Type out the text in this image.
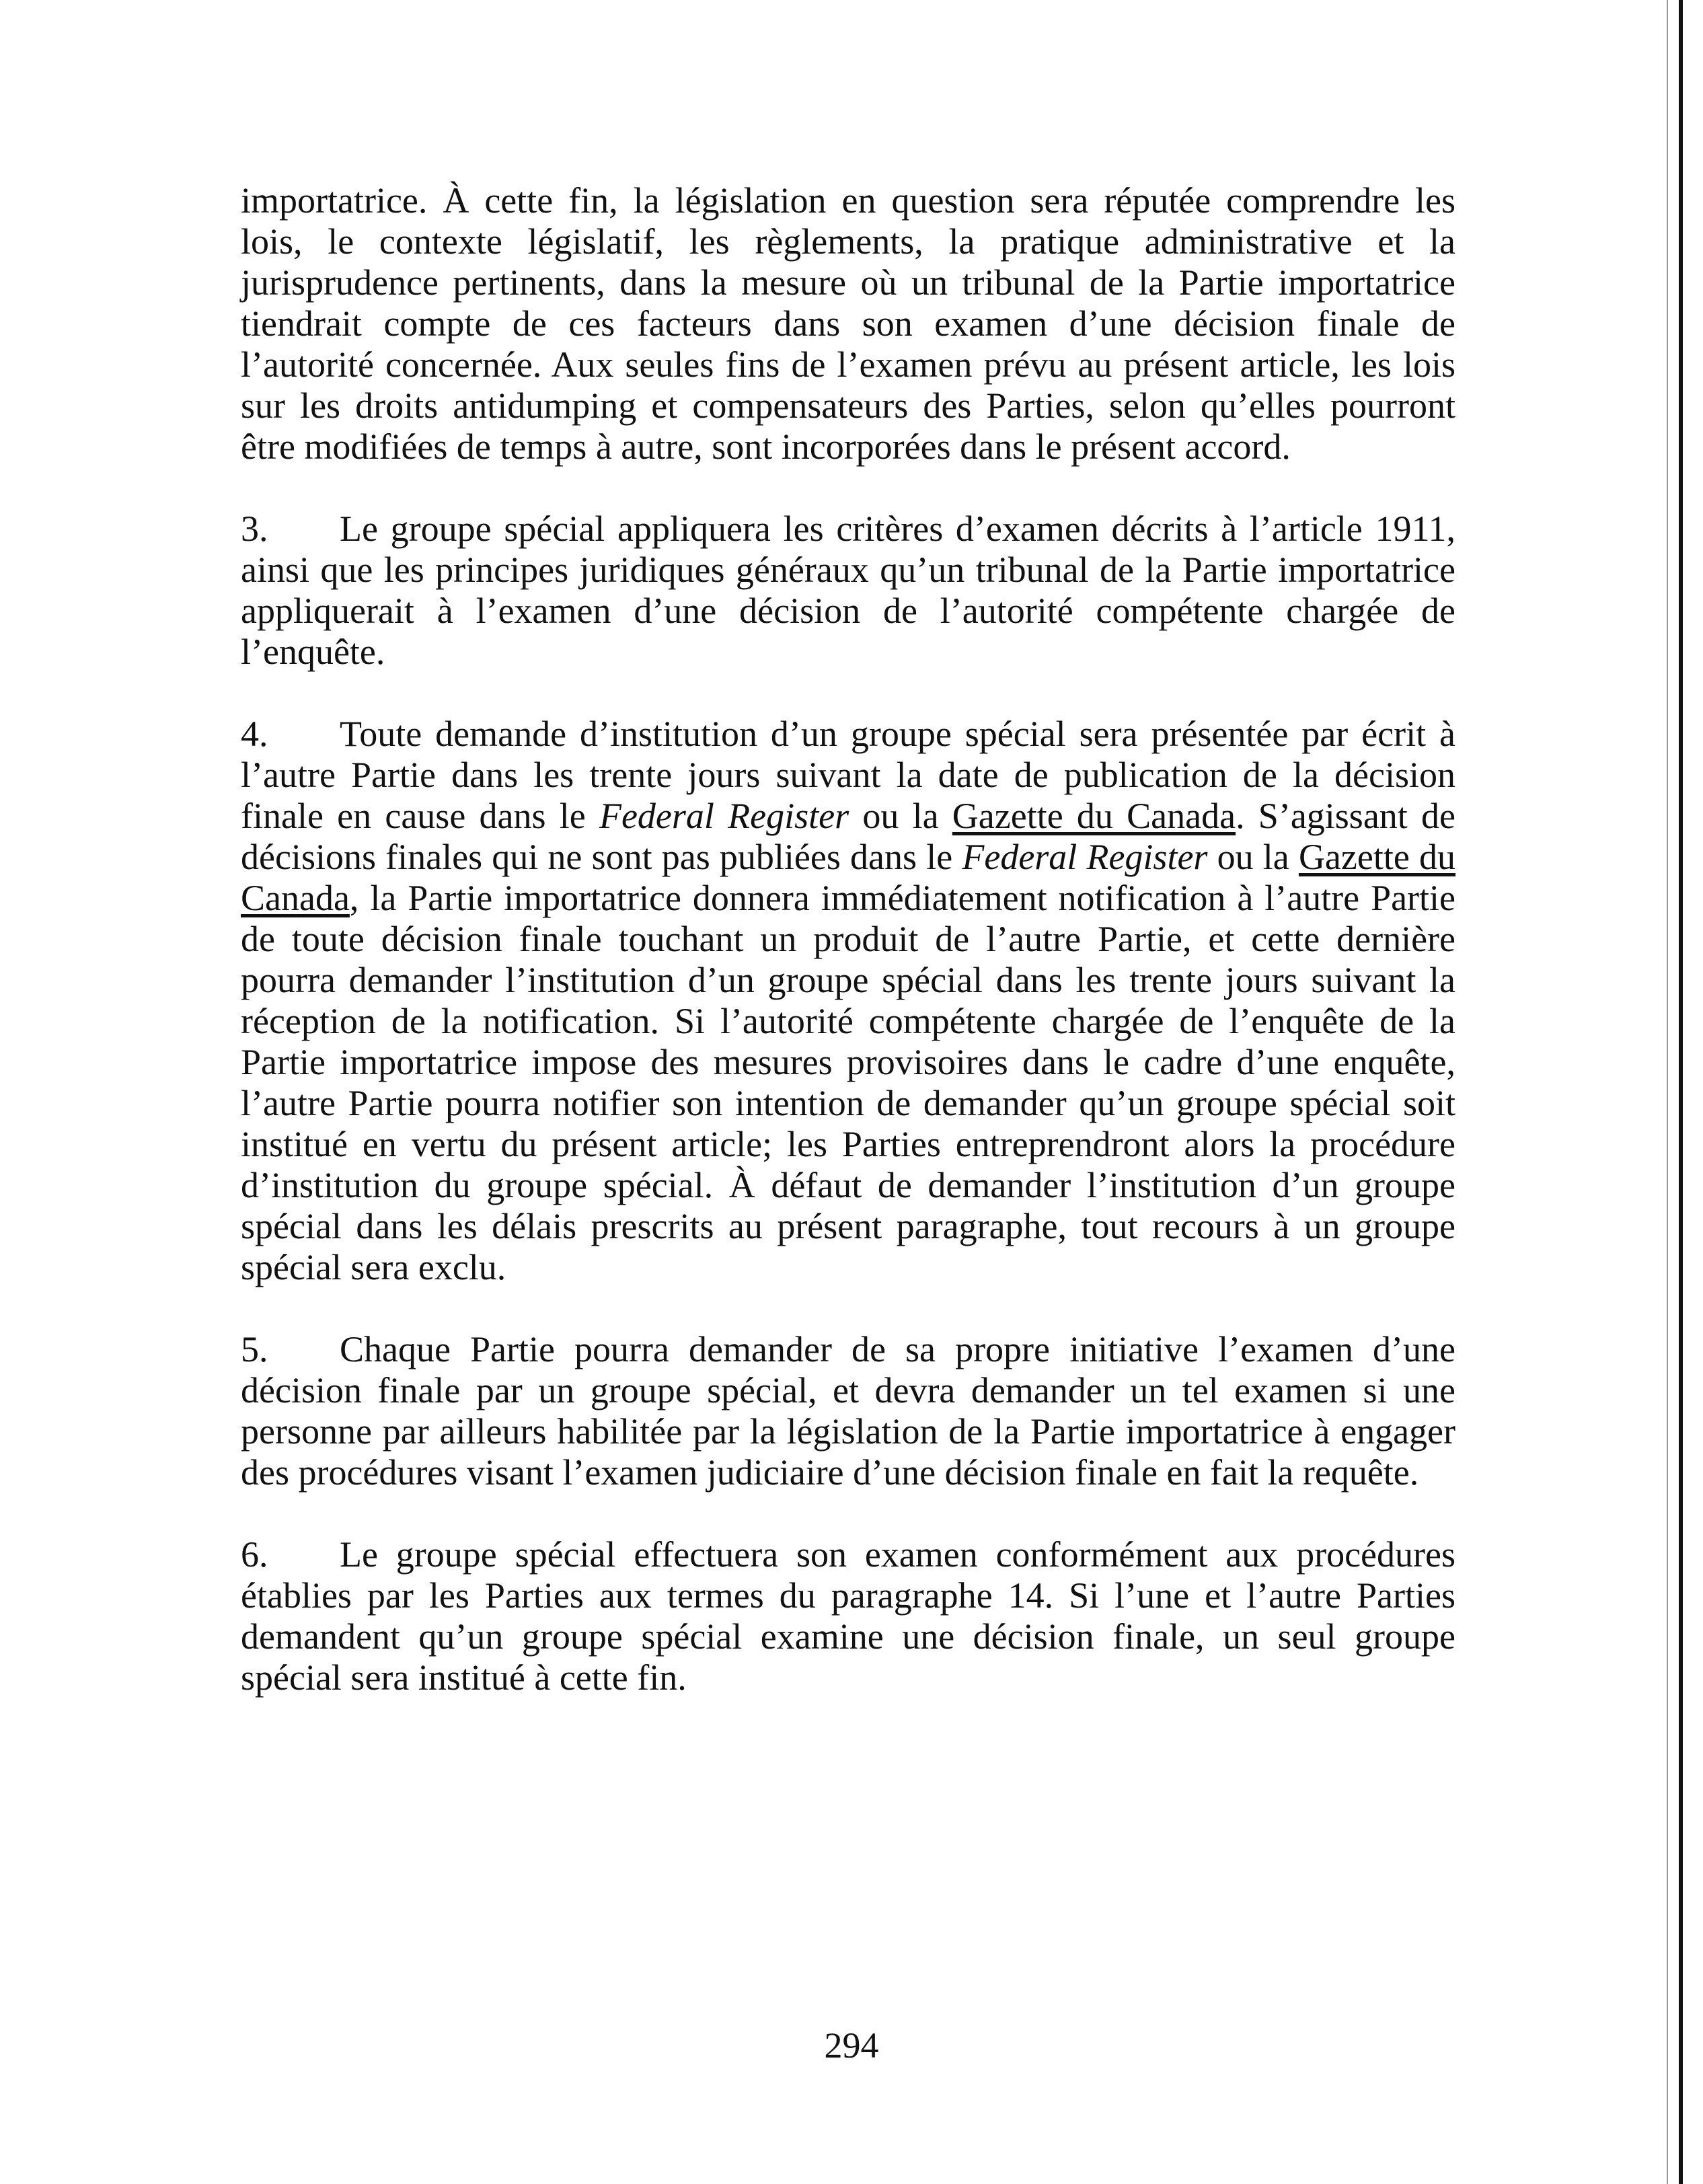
importatrice. À cette fin, la législation en question sera réputée comprendre les lois, le contexte législatif, les règlements, la pratique administrative et la jurisprudence pertinents, dans la mesure où un tribunal de la Partie importatrice tiendrait compte de ces facteurs dans son examen d’une décision finale de l’autorité concernée. Aux seules fins de l’examen prévu au présent article, les lois sur les droits antidumping et compensateurs des Parties, selon qu’elles pourront être modifiées de temps à autre, sont incorporées dans le présent accord.

3. Le groupe spécial appliquera les critères d’examen décrits à l’article 1911, ainsi que les principes juridiques généraux qu’un tribunal de la Partie importatrice appliquerait à l’examen d’une décision de l’autorité compétente chargée de l’enquête.

4. Toute demande d’institution d’un groupe spécial sera présentée par écrit à l’autre Partie dans les trente jours suivant la date de publication de la décision finale en cause dans le Federal Register ou la Gazette du Canada. S’agissant de décisions finales qui ne sont pas publiées dans le Federal Register ou la Gazette du Canada, la Partie importatrice donnera immédiatement notification à l’autre Partie de toute décision finale touchant un produit de l’autre Partie, et cette dernière pourra demander l’institution d’un groupe spécial dans les trente jours suivant la réception de la notification. Si l’autorité compétente chargée de l’enquête de la Partie importatrice impose des mesures provisoires dans le cadre d’une enquête, l’autre Partie pourra notifier son intention de demander qu’un groupe spécial soit institué en vertu du présent article; les Parties entreprendront alors la procédure d’institution du groupe spécial. À défaut de demander l’institution d’un groupe spécial dans les délais prescrits au présent paragraphe, tout recours à un groupe spécial sera exclu.

5. Chaque Partie pourra demander de sa propre initiative l’examen d’une décision finale par un groupe spécial, et devra demander un tel examen si une personne par ailleurs habilitée par la législation de la Partie importatrice à engager des procédures visant l’examen judiciaire d’une décision finale en fait la requête.

6. Le groupe spécial effectuera son examen conformément aux procédures établies par les Parties aux termes du paragraphe 14. Si l’une et l’autre Parties demandent qu’un groupe spécial examine une décision finale, un seul groupe spécial sera institué à cette fin.

294
